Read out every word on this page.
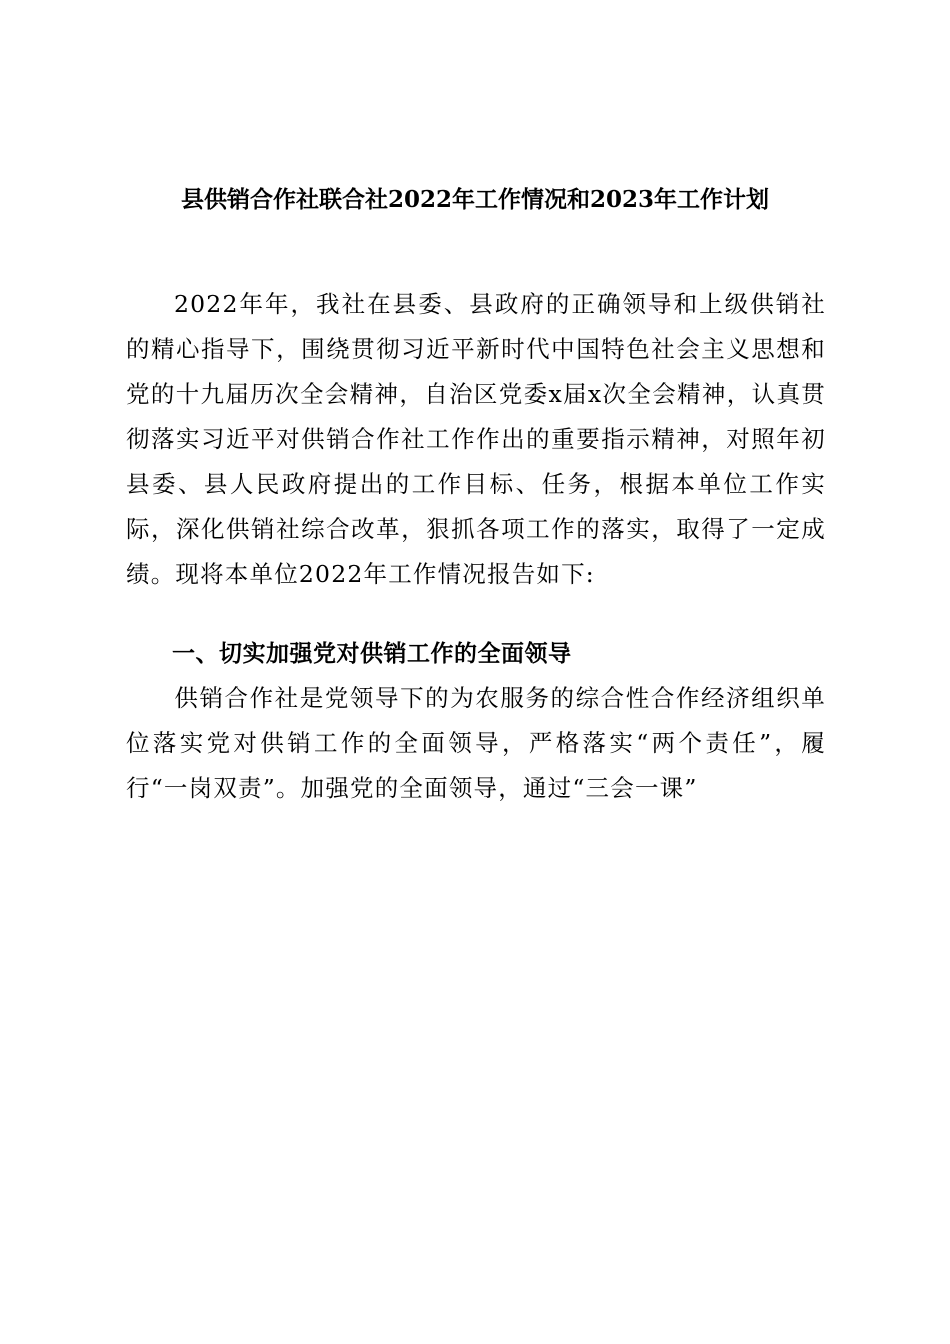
县供销合作社联合社2022年工作情况和2023年工作计划

2022年年，我社在县委、县政府的正确领导和上级供销社的精心指导下，围绕贯彻习近平新时代中国特色社会主义思想和党的十九届历次全会精神，自治区党委x届x次全会精神，认真贯彻落实习近平对供销合作社工作作出的重要指示精神，对照年初县委、县人民政府提出的工作目标、任务，根据本单位工作实际，深化供销社综合改革，狠抓各项工作的落实，取得了一定成绩。现将本单位2022年工作情况报告如下:

一、切实加强党对供销工作的全面领导

供销合作社是党领导下的为农服务的综合性合作经济组织单位落实党对供销工作的全面领导，严格落实“两个责任”，履行“一岗双责”。加强党的全面领导，通过“三会一课”
